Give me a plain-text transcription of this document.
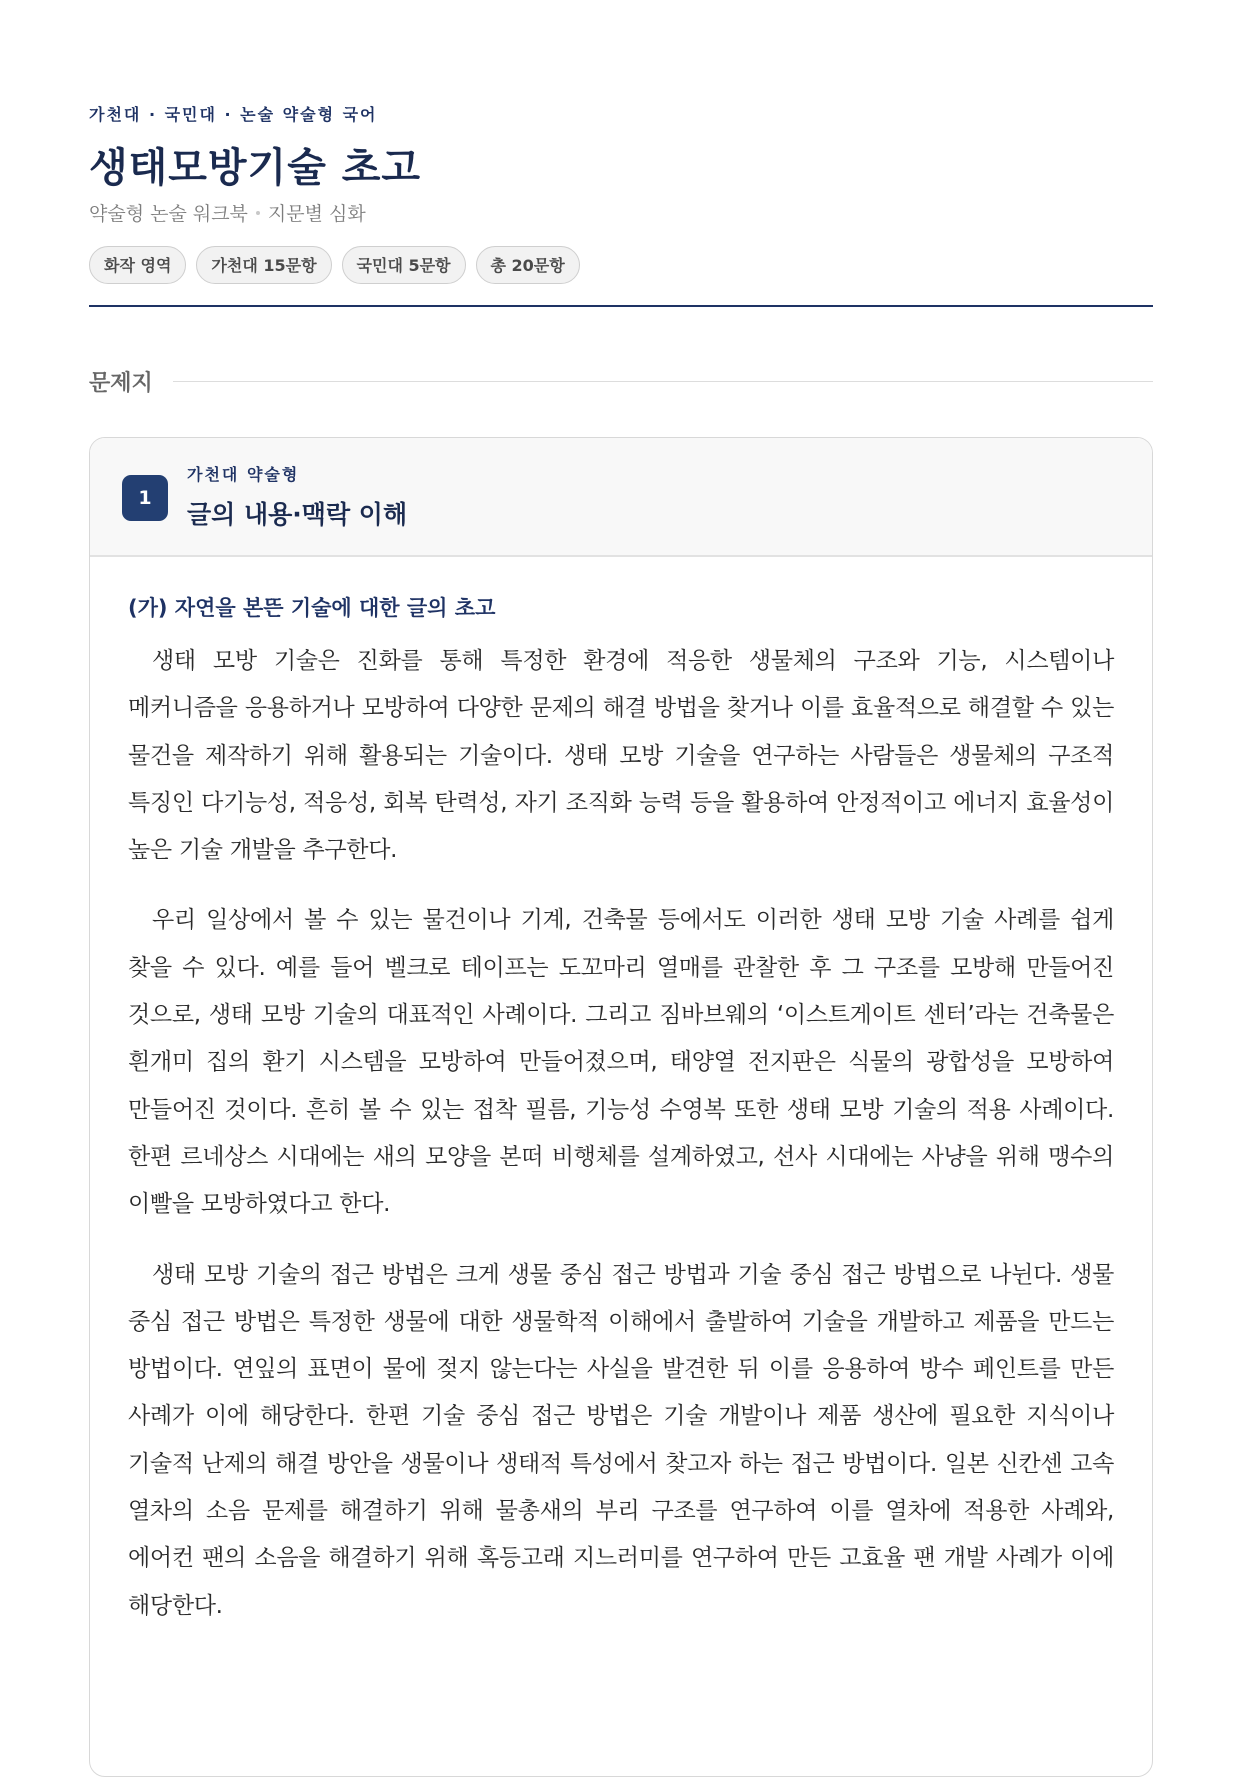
가천대 · 국민대 · 논술 약술형 국어
생태모방기술 초고
약술형 논술 워크북 지문별 심화
화작 영역	가천대 15문항	국민대 5문항	총 20문항
문제지
1
가천대 약술형
글의 내용·맥락 이해

(가) 자연을 본뜬 기술에 대한 글의 초고

생태 모방 기술은 진화를 통해 특정한 환경에 적응한 생물체의 구조와 기능, 시스템이나 메커니즘을 응용하거나 모방하여 다양한 문제의 해결 방법을 찾거나 이를 효율적으로 해결할 수 있는 물건을 제작하기 위해 활용되는 기술이다. 생태 모방 기술을 연구하는 사람들은 생물체의 구조적 특징인 다기능성, 적응성, 회복 탄력성, 자기 조직화 능력 등을 활용하여 안정적이고 에너지 효율성이 높은 기술 개발을 추구한다.

우리 일상에서 볼 수 있는 물건이나 기계, 건축물 등에서도 이러한 생태 모방 기술 사례를 쉽게 찾을 수 있다. 예를 들어 벨크로 테이프는 도꼬마리 열매를 관찰한 후 그 구조를 모방해 만들어진 것으로, 생태 모방 기술의 대표적인 사례이다. 그리고 짐바브웨의 ‘이스트게이트 센터’라는 건축물은 흰개미 집의 환기 시스템을 모방하여 만들어졌으며, 태양열 전지판은 식물의 광합성을 모방하여 만들어진 것이다. 흔히 볼 수 있는 접착 필름, 기능성 수영복 또한 생태 모방 기술의 적용 사례이다. 한편 르네상스 시대에는 새의 모양을 본떠 비행체를 설계하였고, 선사 시대에는 사냥을 위해 맹수의 이빨을 모방하였다고 한다.

생태 모방 기술의 접근 방법은 크게 생물 중심 접근 방법과 기술 중심 접근 방법으로 나뉜다. 생물 중심 접근 방법은 특정한 생물에 대한 생물학적 이해에서 출발하여 기술을 개발하고 제품을 만드는 방법이다. 연잎의 표면이 물에 젖지 않는다는 사실을 발견한 뒤 이를 응용하여 방수 페인트를 만든 사례가 이에 해당한다. 한편 기술 중심 접근 방법은 기술 개발이나 제품 생산에 필요한 지식이나 기술적 난제의 해결 방안을 생물이나 생태적 특성에서 찾고자 하는 접근 방법이다. 일본 신칸센 고속 열차의 소음 문제를 해결하기 위해 물총새의 부리 구조를 연구하여 이를 열차에 적용한 사례와, 에어컨 팬의 소음을 해결하기 위해 혹등고래 지느러미를 연구하여 만든 고효율 팬 개발 사례가 이에 해당한다.
